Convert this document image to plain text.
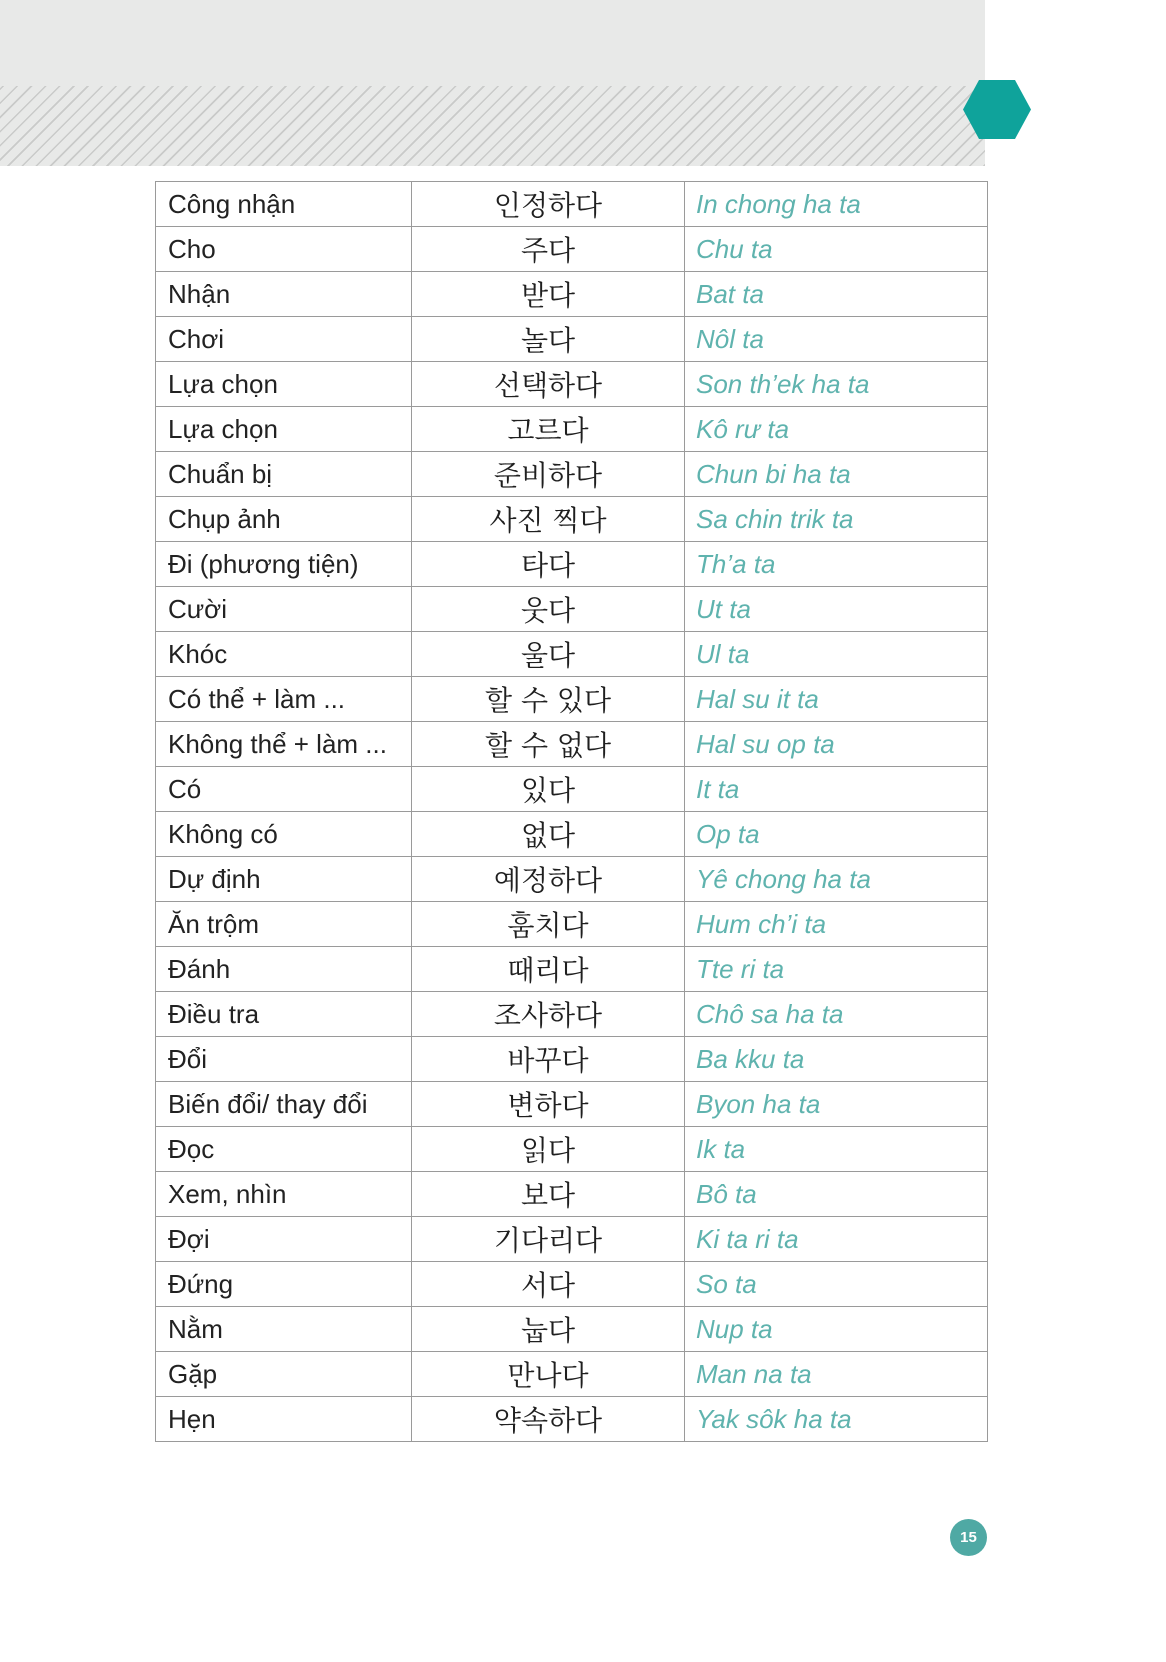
Công nhận	인정하다	In chong ha ta
Cho	주다	Chu ta
Nhận	받다	Bat ta
Chơi	놀다	Nôl ta
Lựa chọn	선택하다	Son th’ek ha ta
Lựa chọn	고르다	Kô rư ta
Chuẩn bị	준비하다	Chun bi ha ta
Chụp ảnh	사진 찍다	Sa chin trik ta
Đi (phương tiện)	타다	Th’a ta
Cười	웃다	Ut ta
Khóc	울다	Ul ta
Có thể + làm ...	할 수 있다	Hal su it ta
Không thể + làm ...	할 수 없다	Hal su op ta
Có	있다	It ta
Không có	없다	Op ta
Dự định	예정하다	Yê chong ha ta
Ăn trộm	훔치다	Hum ch’i ta
Đánh	때리다	Tte ri ta
Điều tra	조사하다	Chô sa ha ta
Đổi	바꾸다	Ba kku ta
Biến đổi/ thay đổi	변하다	Byon ha ta
Đọc	읽다	Ik ta
Xem, nhìn	보다	Bô ta
Đợi	기다리다	Ki ta ri ta
Đứng	서다	So ta
Nằm	눕다	Nup ta
Gặp	만나다	Man na ta
Hẹn	약속하다	Yak sôk ha ta
15
